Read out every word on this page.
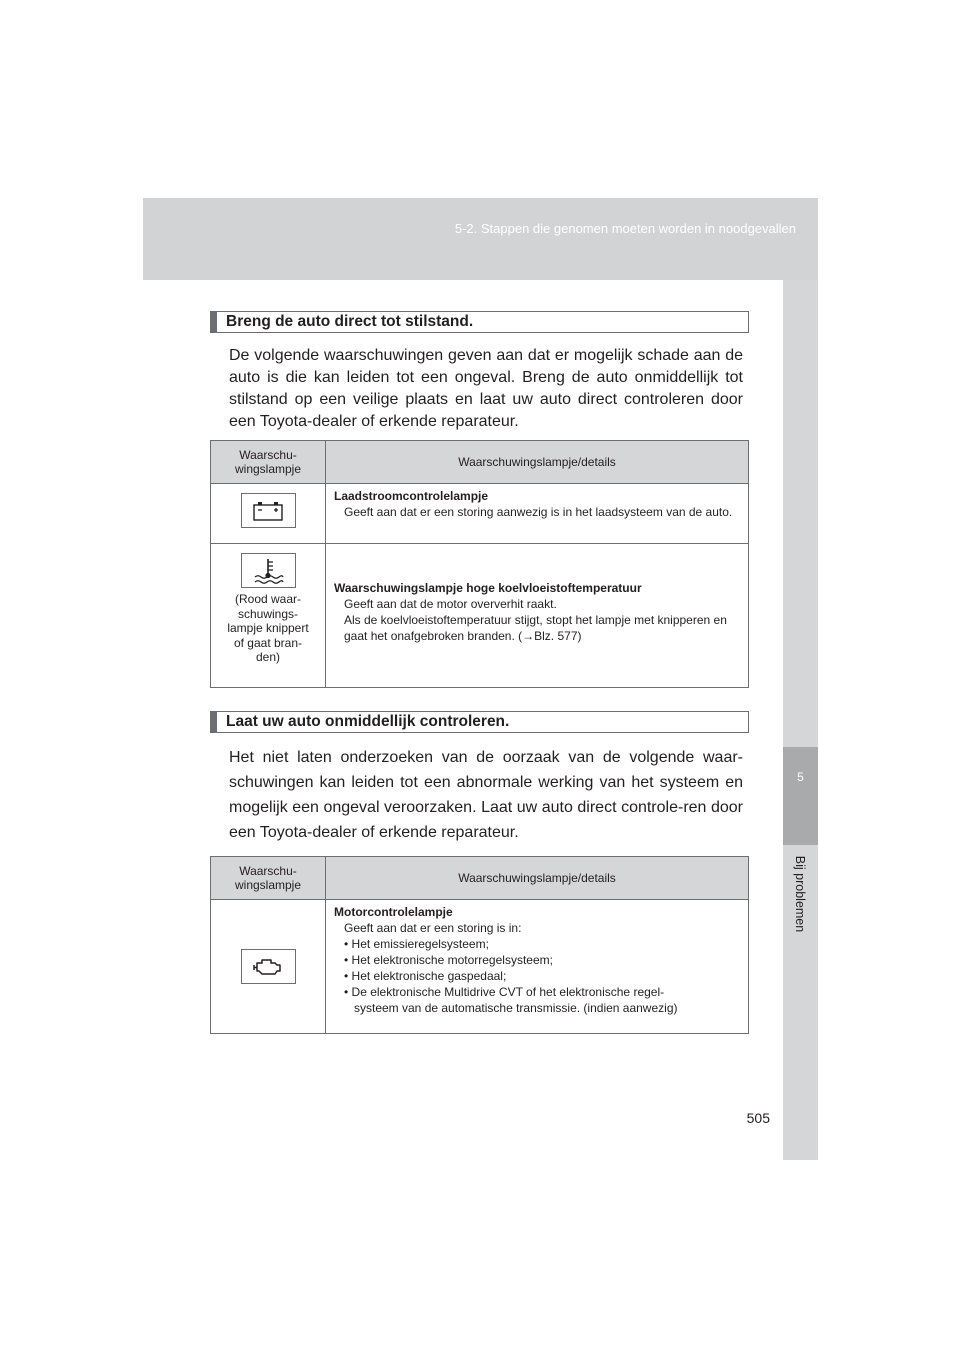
5-2. Stappen die genomen moeten worden in noodgevallen
5
Bij problemen
Breng de auto direct tot stilstand.
De volgende waarschuwingen geven aan dat er mogelijk schade aan de auto is die kan leiden tot een ongeval. Breng de auto onmiddellijk tot stilstand op een veilige plaats en laat uw auto direct controleren door een Toyota-dealer of erkende reparateur.
Waarschu-
wingslampje	Waarschuwingslampje/details
Laadstroomcontrolelampje
Geeft aan dat er een storing aanwezig is in het laadsysteem van de auto.
(Rood waar-
schuwings-
lampje knippert
of gaat bran-
den)
Waarschuwingslampje hoge koelvloeistoftemperatuur
Geeft aan dat de motor oververhit raakt.
Als de koelvloeistoftemperatuur stijgt, stopt het lampje met knipperen en gaat het onafgebroken branden. (→Blz. 577)
Laat uw auto onmiddellijk controleren.
Het niet laten onderzoeken van de oorzaak van de volgende waar-schuwingen kan leiden tot een abnormale werking van het systeem en mogelijk een ongeval veroorzaken. Laat uw auto direct controle-ren door een Toyota-dealer of erkende reparateur.
Waarschu-
wingslampje	Waarschuwingslampje/details
Motorcontrolelampje
Geeft aan dat er een storing is in:
• Het emissieregelsysteem;
• Het elektronische motorregelsysteem;
• Het elektronische gaspedaal;
• De elektronische Multidrive CVT of het elektronische regel-
systeem van de automatische transmissie. (indien aanwezig)
505
